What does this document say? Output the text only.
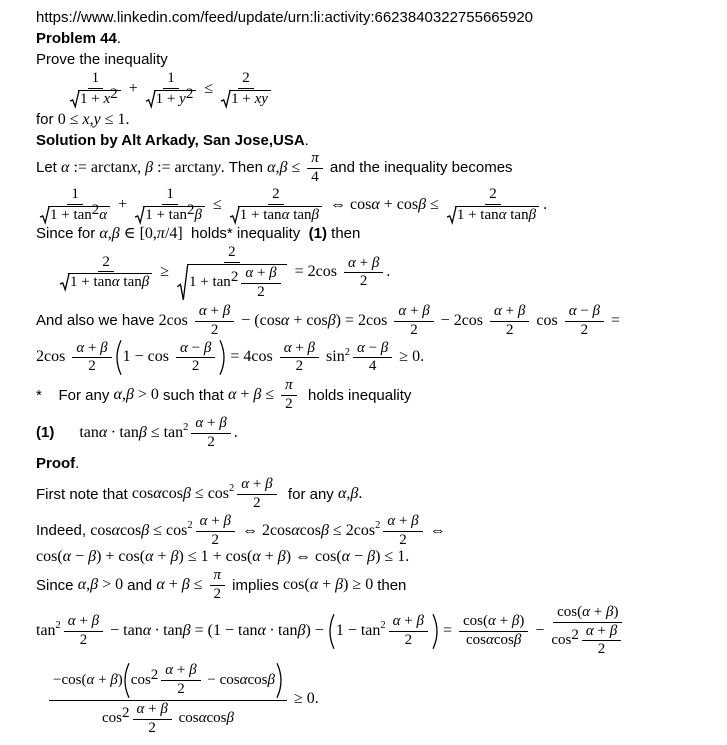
https://www.linkedin.com/feed/update/urn:li:activity:6623840322755665920
Problem 44 .
Prove the inequality
$\frac{1}{1 + x 2} + \frac{1}{1 + y 2} \le \frac{2}{1 + xy}$
for 0 ≤ x , y ≤ 1.
Solution by Alt Arkady, San Jose,USA .
Let α := arctan x , β := arctan y . Then α , $\beta \le \frac{\pi}{4}$ and the inequality becomes
$\frac{1}{1 + \tan 2 \alpha} + \frac{1}{1 + \tan 2 \beta} \le \frac{2}{\text{1 + tan α tan β}}$ ⇔ $\cos \alpha + \cos \beta \le \frac{2}{\text{1 + tan α tan β}}$ .
Since for α , β ∈ [0, π /4] holds* inequality (1) then
$\frac{2}{\text{1 + tan α tan β}} \ge \frac{2}{1 + \tan 2 \frac{\alpha + \beta}{2}} = 2\cos \frac{\alpha + \beta}{2}$ .
And also we have $2\cos \frac{\alpha + \beta}{2} - (\cos$ α + cos β ) = $2\cos \frac{\alpha + \beta}{2} - 2\cos \frac{\alpha + \beta}{2}$ $\cos \frac{\alpha - \beta}{2}$ =
$2\cos \frac{\alpha + \beta}{2} 1 - \cos \frac{\alpha - \beta}{2} = 4\cos \frac{\alpha + \beta}{2}$ $\sin 2 \frac{\alpha - \beta}{4} \ge 0$.
*    For any α , β > 0 such that $\alpha + \beta \le \frac{\pi}{2}$ holds inequality
(1)
$\tan \alpha \cdot \tan \beta \le \tan 2 \frac{\alpha + \beta}{2}$ .
Proof .
First note that cos α $\cos \beta \le \cos 2 \frac{\alpha + \beta}{2}$ for any α , β .
Indeed, cos α $\cos \beta \le \cos 2 \frac{\alpha + \beta}{2}$ ⇔ 2cos α cos β ≤ 2cos $2 \frac{\alpha + \beta}{2}$ ⇔
cos( α − β ) + cos( α + β ) ≤ 1 + cos( α + β ) ⇔ cos( α − β ) ≤ 1.
Since α , β > 0 and $\alpha + \beta \le \frac{\pi}{2}$ implies cos( α + β ) ≥ 0 then
$\tan 2 \frac{\alpha + \beta}{2} - \tan \alpha \cdot \tan \beta = (1 - \tan \alpha \cdot \tan \beta$ ) − $1 - \tan 2 \frac{\alpha + \beta}{2} = \frac{\cos( \alpha + \beta )}{\text{cos α cos β}} - \frac{\cos( \alpha + \beta )}{\cos 2 \frac{\alpha + \beta}{2}}$
$\frac{-\cos( \alpha + \beta ) \cos 2 \frac{\alpha + \beta}{2} - \cos \alpha \cos \beta}{\cos 2 \frac{\alpha + \beta}{2} \cos \alpha \cos \beta} \ge 0$.
